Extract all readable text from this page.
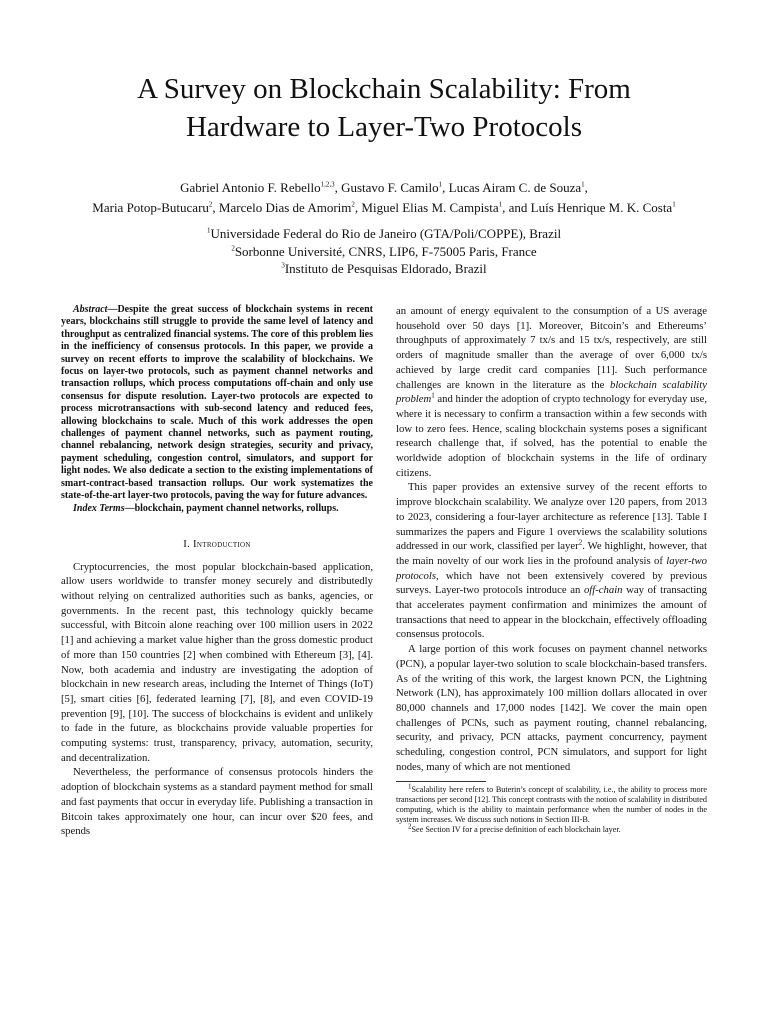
A Survey on Blockchain Scalability: From
Hardware to Layer-Two Protocols
Gabriel Antonio F. Rebello$^{1,2,3}$, Gustavo F. Camilo$^1$, Lucas Airam C. de Souza$^1$,
Maria Potop-Butucaru$^2$, Marcelo Dias de Amorim$^2$, Miguel Elias M. Campista$^1$, and Luís Henrique M. K. Costa$^1$
$^1$Universidade Federal do Rio de Janeiro (GTA/Poli/COPPE), Brazil
$^2$Sorbonne Université, CNRS, LIP6, F-75005 Paris, France
$^3$Instituto de Pesquisas Eldorado, Brazil

Abstract—Despite the great success of blockchain systems in recent years, blockchains still struggle to provide the same level of latency and throughput as centralized financial systems. The core of this problem lies in the inefficiency of consensus protocols. In this paper, we provide a survey on recent efforts to improve the scalability of blockchains. We focus on layer-two protocols, such as payment channel networks and transaction rollups, which process computations off-chain and only use consensus for dispute resolution. Layer-two protocols are expected to process microtransactions with sub-second latency and reduced fees, allowing blockchains to scale. Much of this work addresses the open challenges of payment channel networks, such as payment routing, channel rebalancing, network design strategies, security and privacy, payment scheduling, congestion control, simulators, and support for light nodes. We also dedicate a section to the existing implementations of smart-contract-based transaction rollups. Our work systematizes the state-of-the-art layer-two protocols, paving the way for future advances.

Index Terms—blockchain, payment channel networks, rollups.

I. Introduction

Cryptocurrencies, the most popular blockchain-based application, allow users worldwide to transfer money securely and distributedly without relying on centralized authorities such as banks, agencies, or governments. In the recent past, this technology quickly became successful, with Bitcoin alone reaching over 100 million users in 2022 [1] and achieving a market value higher than the gross domestic product of more than 150 countries [2] when combined with Ethereum [3], [4]. Now, both academia and industry are investigating the adoption of blockchain in new research areas, including the Internet of Things (IoT) [5], smart cities [6], federated learning [7], [8], and even COVID-19 prevention [9], [10]. The success of blockchains is evident and unlikely to fade in the future, as blockchains provide valuable properties for computing systems: trust, transparency, privacy, automation, security, and decentralization.

Nevertheless, the performance of consensus protocols hinders the adoption of blockchain systems as a standard payment method for small and fast payments that occur in everyday life. Publishing a transaction in Bitcoin takes approximately one hour, can incur over $20 fees, and spends

an amount of energy equivalent to the consumption of a US average household over 50 days [1]. Moreover, Bitcoin’s and Ethereums’ throughputs of approximately 7 tx/s and 15 tx/s, respectively, are still orders of magnitude smaller than the average of over 6,000 tx/s achieved by large credit card companies [11]. Such performance challenges are known in the literature as the blockchain scalability problem$^1$ and hinder the adoption of crypto technology for everyday use, where it is necessary to confirm a transaction within a few seconds with low to zero fees. Hence, scaling blockchain systems poses a significant research challenge that, if solved, has the potential to enable the worldwide adoption of blockchain systems in the life of ordinary citizens.

This paper provides an extensive survey of the recent efforts to improve blockchain scalability. We analyze over 120 papers, from 2013 to 2023, considering a four-layer architecture as reference [13]. Table I summarizes the papers and Figure 1 overviews the scalability solutions addressed in our work, classified per layer$^2$. We highlight, however, that the main novelty of our work lies in the profound analysis of layer-two protocols, which have not been extensively covered by previous surveys. Layer-two protocols introduce an off-chain way of transacting that accelerates payment confirmation and minimizes the amount of transactions that need to appear in the blockchain, effectively offloading consensus protocols.

A large portion of this work focuses on payment channel networks (PCN), a popular layer-two solution to scale blockchain-based transfers. As of the writing of this work, the largest known PCN, the Lightning Network (LN), has approximately 100 million dollars allocated in over 80,000 channels and 17,000 nodes [142]. We cover the main open challenges of PCNs, such as payment routing, channel rebalancing, security, and privacy, PCN attacks, payment concurrency, payment scheduling, congestion control, PCN simulators, and support for light nodes, many of which are not mentioned

$^1$Scalability here refers to Buterin’s concept of scalability, i.e., the ability to process more transactions per second [12]. This concept contrasts with the notion of scalability in distributed computing, which is the ability to maintain performance when the number of nodes in the system increases. We discuss such notions in Section III-B.

$^2$See Section IV for a precise definition of each blockchain layer.
